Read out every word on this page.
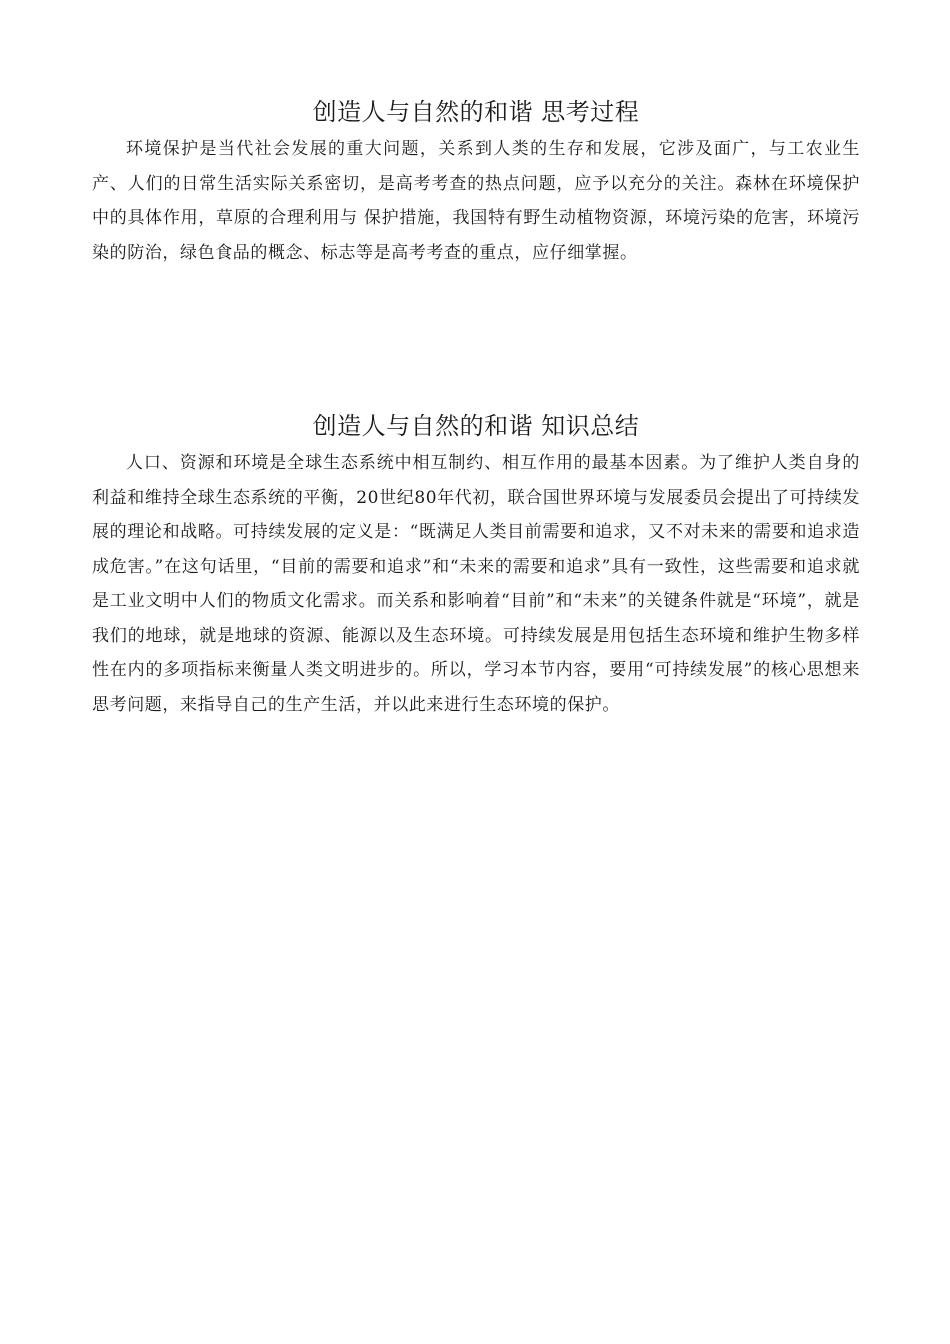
创造人与自然的和谐 思考过程

环境保护是当代社会发展的重大问题，关系到人类的生存和发展，它涉及面广，与工农业生产、人们的日常生活实际关系密切，是高考考查的热点问题，应予以充分的关注。森林在环境保护中的具体作用，草原的合理利用与 保护措施，我国特有野生动植物资源，环境污染的危害，环境污染的防治，绿色食品的概念、标志等是高考考查的重点，应仔细掌握。

创造人与自然的和谐 知识总结

人口、资源和环境是全球生态系统中相互制约、相互作用的最基本因素。为了维护人类自身的利益和维持全球生态系统的平衡，20世纪80年代初，联合国世界环境与发展委员会提出了可持续发展的理论和战略。可持续发展的定义是：“既满足人类目前需要和追求，又不对未来的需要和追求造成危害。”在这句话里，“目前的需要和追求”和“未来的需要和追求”具有一致性，这些需要和追求就是工业文明中人们的物质文化需求。而关系和影响着“目前”和“未来”的关键条件就是“环境”，就是我们的地球，就是地球的资源、能源以及生态环境。可持续发展是用包括生态环境和维护生物多样性在内的多项指标来衡量人类文明进步的。所以，学习本节内容，要用“可持续发展”的核心思想来思考问题，来指导自己的生产生活，并以此来进行生态环境的保护。
